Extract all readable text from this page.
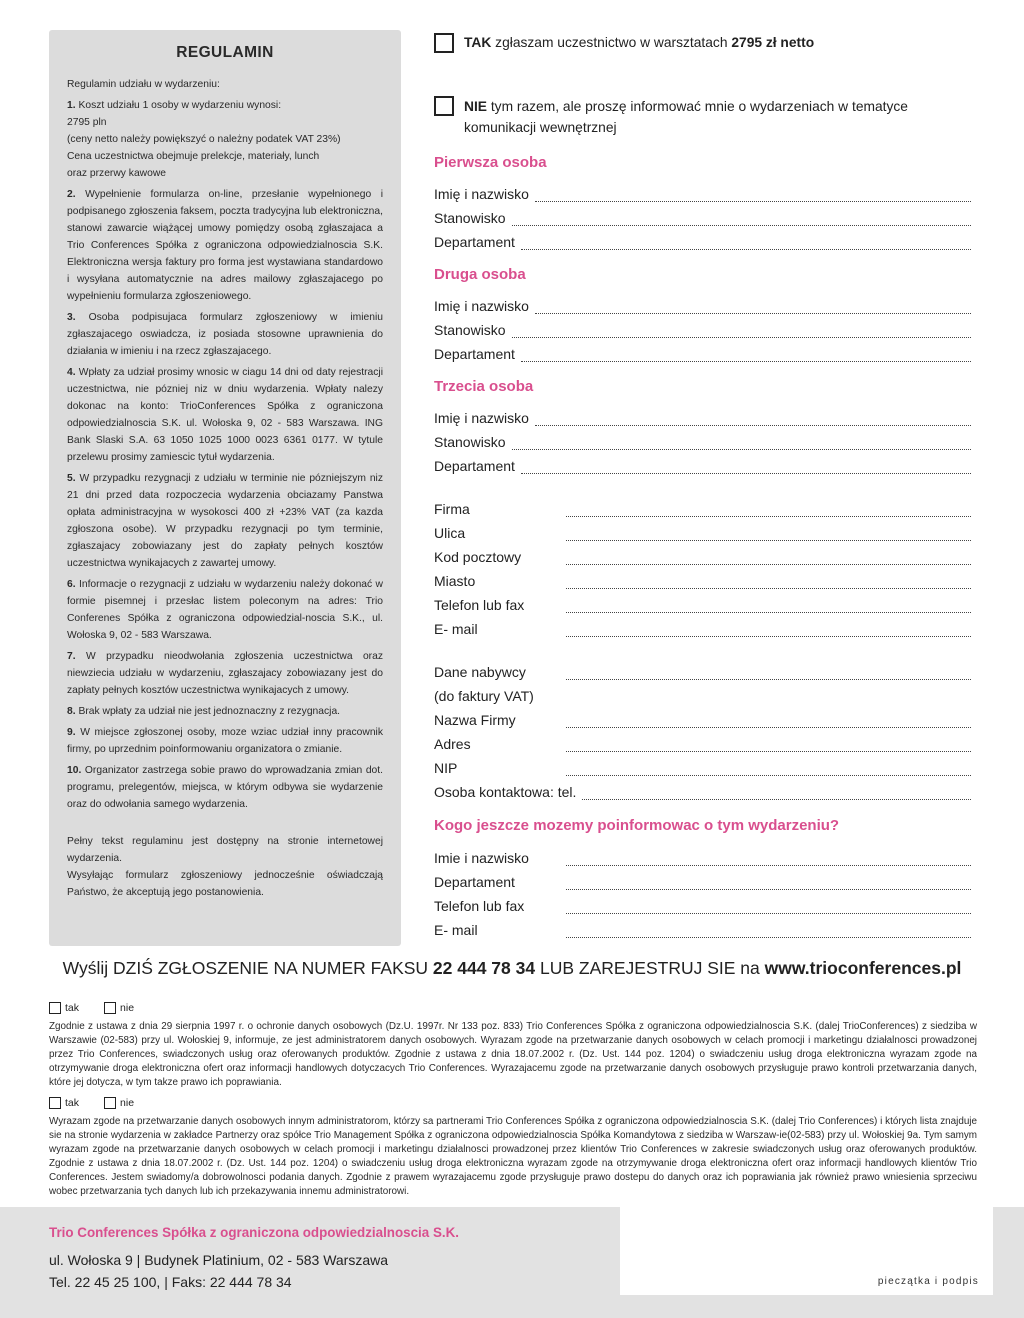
REGULAMIN

Regulamin udziału w wydarzeniu:

1. Koszt udziału 1 osoby w wydarzeniu wynosi:

2795 pln

(ceny netto należy powiększyć o należny podatek VAT 23%)

Cena uczestnictwa obejmuje prelekcje, materiały, lunch

oraz przerwy kawowe

2. Wypełnienie formularza on-line, przesłanie wypełnionego i podpisanego zgłoszenia faksem, poczta tradycyjna lub elektroniczna, stanowi zawarcie wiążącej umowy pomiędzy osobą zgłaszajaca a Trio Conferences Spółka z ograniczona odpowiedzialnoscia S.K. Elektroniczna wersja faktury pro forma jest wystawiana standardowo i wysyłana automatycznie na adres mailowy zgłaszajacego po wypełnieniu formularza zgłoszeniowego.

3. Osoba podpisujaca formularz zgłoszeniowy w imieniu zgłaszajacego oswiadcza, iz posiada stosowne uprawnienia do działania w imieniu i na rzecz zgłaszajacego.

4. Wpłaty za udział prosimy wnosic w ciagu 14 dni od daty rejestracji uczestnictwa, nie pózniej niz w dniu wydarzenia. Wpłaty nalezy dokonac na konto: TrioConferences Spółka z ograniczona odpowiedzialnoscia S.K. ul. Wołoska 9, 02 - 583 Warszawa. ING Bank Slaski S.A. 63 1050 1025 1000 0023 6361 0177. W tytule przelewu prosimy zamiescic tytuł wydarzenia.

5. W przypadku rezygnacji z udziału w terminie nie pózniejszym niz 21 dni przed data rozpoczecia wydarzenia obciazamy Panstwa opłata administracyjna w wysokosci 400 zł +23% VAT (za kazda zgłoszona osobe). W przypadku rezygnacji po tym terminie, zgłaszajacy zobowiazany jest do zapłaty pełnych kosztów uczestnictwa wynikajacych z zawartej umowy.

6. Informacje o rezygnacji z udziału w wydarzeniu należy dokonać w formie pisemnej i przesłac listem poleconym na adres: Trio Conferenes Spółka z ograniczona odpowiedzial-noscia S.K., ul. Wołoska 9, 02 - 583 Warszawa.

7. W przypadku nieodwołania zgłoszenia uczestnictwa oraz niewziecia udziału w wydarzeniu, zgłaszajacy zobowiazany jest do zapłaty pełnych kosztów uczestnictwa wynikajacych z umowy.

8. Brak wpłaty za udział nie jest jednoznaczny z rezygnacja.

9. W miejsce zgłoszonej osoby, moze wziac udział inny pracownik firmy, po uprzednim poinformowaniu organizatora o zmianie.

10. Organizator zastrzega sobie prawo do wprowadzania zmian dot. programu, prelegentów, miejsca, w którym odbywa sie wydarzenie oraz do odwołania samego wydarzenia.

Pełny tekst regulaminu jest dostępny na stronie internetowej wydarzenia.

Wysyłając formularz zgłoszeniowy jednocześnie oświadczają Państwo, że akceptują jego postanowienia.

TAK zgłaszam uczestnictwo w warsztatach 2795 zł netto
NIE tym razem, ale proszę informować mnie o wydarzeniach w tematyce komunikacji wewnętrznej
Pierwsza osoba
Imię i nazwisko
Stanowisko
Departament
Druga osoba
Imię i nazwisko
Stanowisko
Departament
Trzecia osoba
Imię i nazwisko
Stanowisko
Departament
Firma
Ulica
Kod pocztowy
Miasto
Telefon lub fax
E- mail
Dane nabywcy
(do faktury VAT)
Nazwa Firmy
Adres
NIP
Osoba kontaktowa: tel.
Kogo jeszcze mozemy poinformowac o tym wydarzeniu?
Imie i nazwisko
Departament
Telefon lub fax
E- mail
Wyślij DZIŚ ZGŁOSZENIE NA NUMER FAKSU 22 444 78 34 LUB ZAREJESTRUJ SIE na www.trioconferences.pl
tak	nie

Zgodnie z ustawa z dnia 29 sierpnia 1997 r. o ochronie danych osobowych (Dz.U. 1997r. Nr 133 poz. 833) Trio Conferences Spółka z ograniczona odpowiedzialnoscia S.K. (dalej TrioConferences) z siedziba w Warszawie (02-583) przy ul. Wołoskiej 9, informuje, ze jest administratorem danych osobowych. Wyrazam zgode na przetwarzanie danych osobowych w celach promocji i marketingu działalnosci prowadzonej przez Trio Conferences, swiadczonych usług oraz oferowanych produktów. Zgodnie z ustawa z dnia 18.07.2002 r. (Dz. Ust. 144 poz. 1204) o swiadczeniu usług droga elektroniczna wyrazam zgode na otrzymywanie droga elektroniczna ofert oraz informacji handlowych dotyczacych Trio Conferences. Wyrazajacemu zgode na przetwarzanie danych osobowych przysługuje prawo kontroli przetwarzania danych, które jej dotycza, w tym takze prawo ich poprawiania.

tak	nie

Wyrazam zgode na przetwarzanie danych osobowych innym administratorom, którzy sa partnerami Trio Conferences Spółka z ograniczona odpowiedzialnoscia S.K. (dalej Trio Conferences) i których lista znajduje sie na stronie wydarzenia w zakładce Partnerzy oraz spółce Trio Management Spółka z ograniczona odpowiedzialnoscia Spółka Komandytowa z siedziba w Warszaw-ie(02-583) przy ul. Wołoskiej 9a. Tym samym wyrazam zgode na przetwarzanie danych osobowych w celach promocji i marketingu działalnosci prowadzonej przez klientów Trio Conferences w zakresie swiadczonych usług oraz oferowanych produktów. Zgodnie z ustawa z dnia 18.07.2002 r. (Dz. Ust. 144 poz. 1204) o swiadczeniu usług droga elektroniczna wyrazam zgode na otrzymywanie droga elektroniczna ofert oraz informacji handlowych klientów Trio Conferences. Jestem swiadomy/a dobrowolnosci podania danych. Zgodnie z prawem wyrazajacemu zgode przysługuje prawo dostepu do danych oraz ich poprawiania jak również prawo wniesienia sprzeciwu wobec przetwarzania tych danych lub ich przekazywania innemu administratorowi.

Trio Conferences Spółka z ograniczona odpowiedzialnoscia S.K.
ul. Wołoska 9 | Budynek Platinium, 02 - 583 Warszawa
Tel. 22 45 25 100, | Faks: 22 444 78 34	pieczątka i podpis
